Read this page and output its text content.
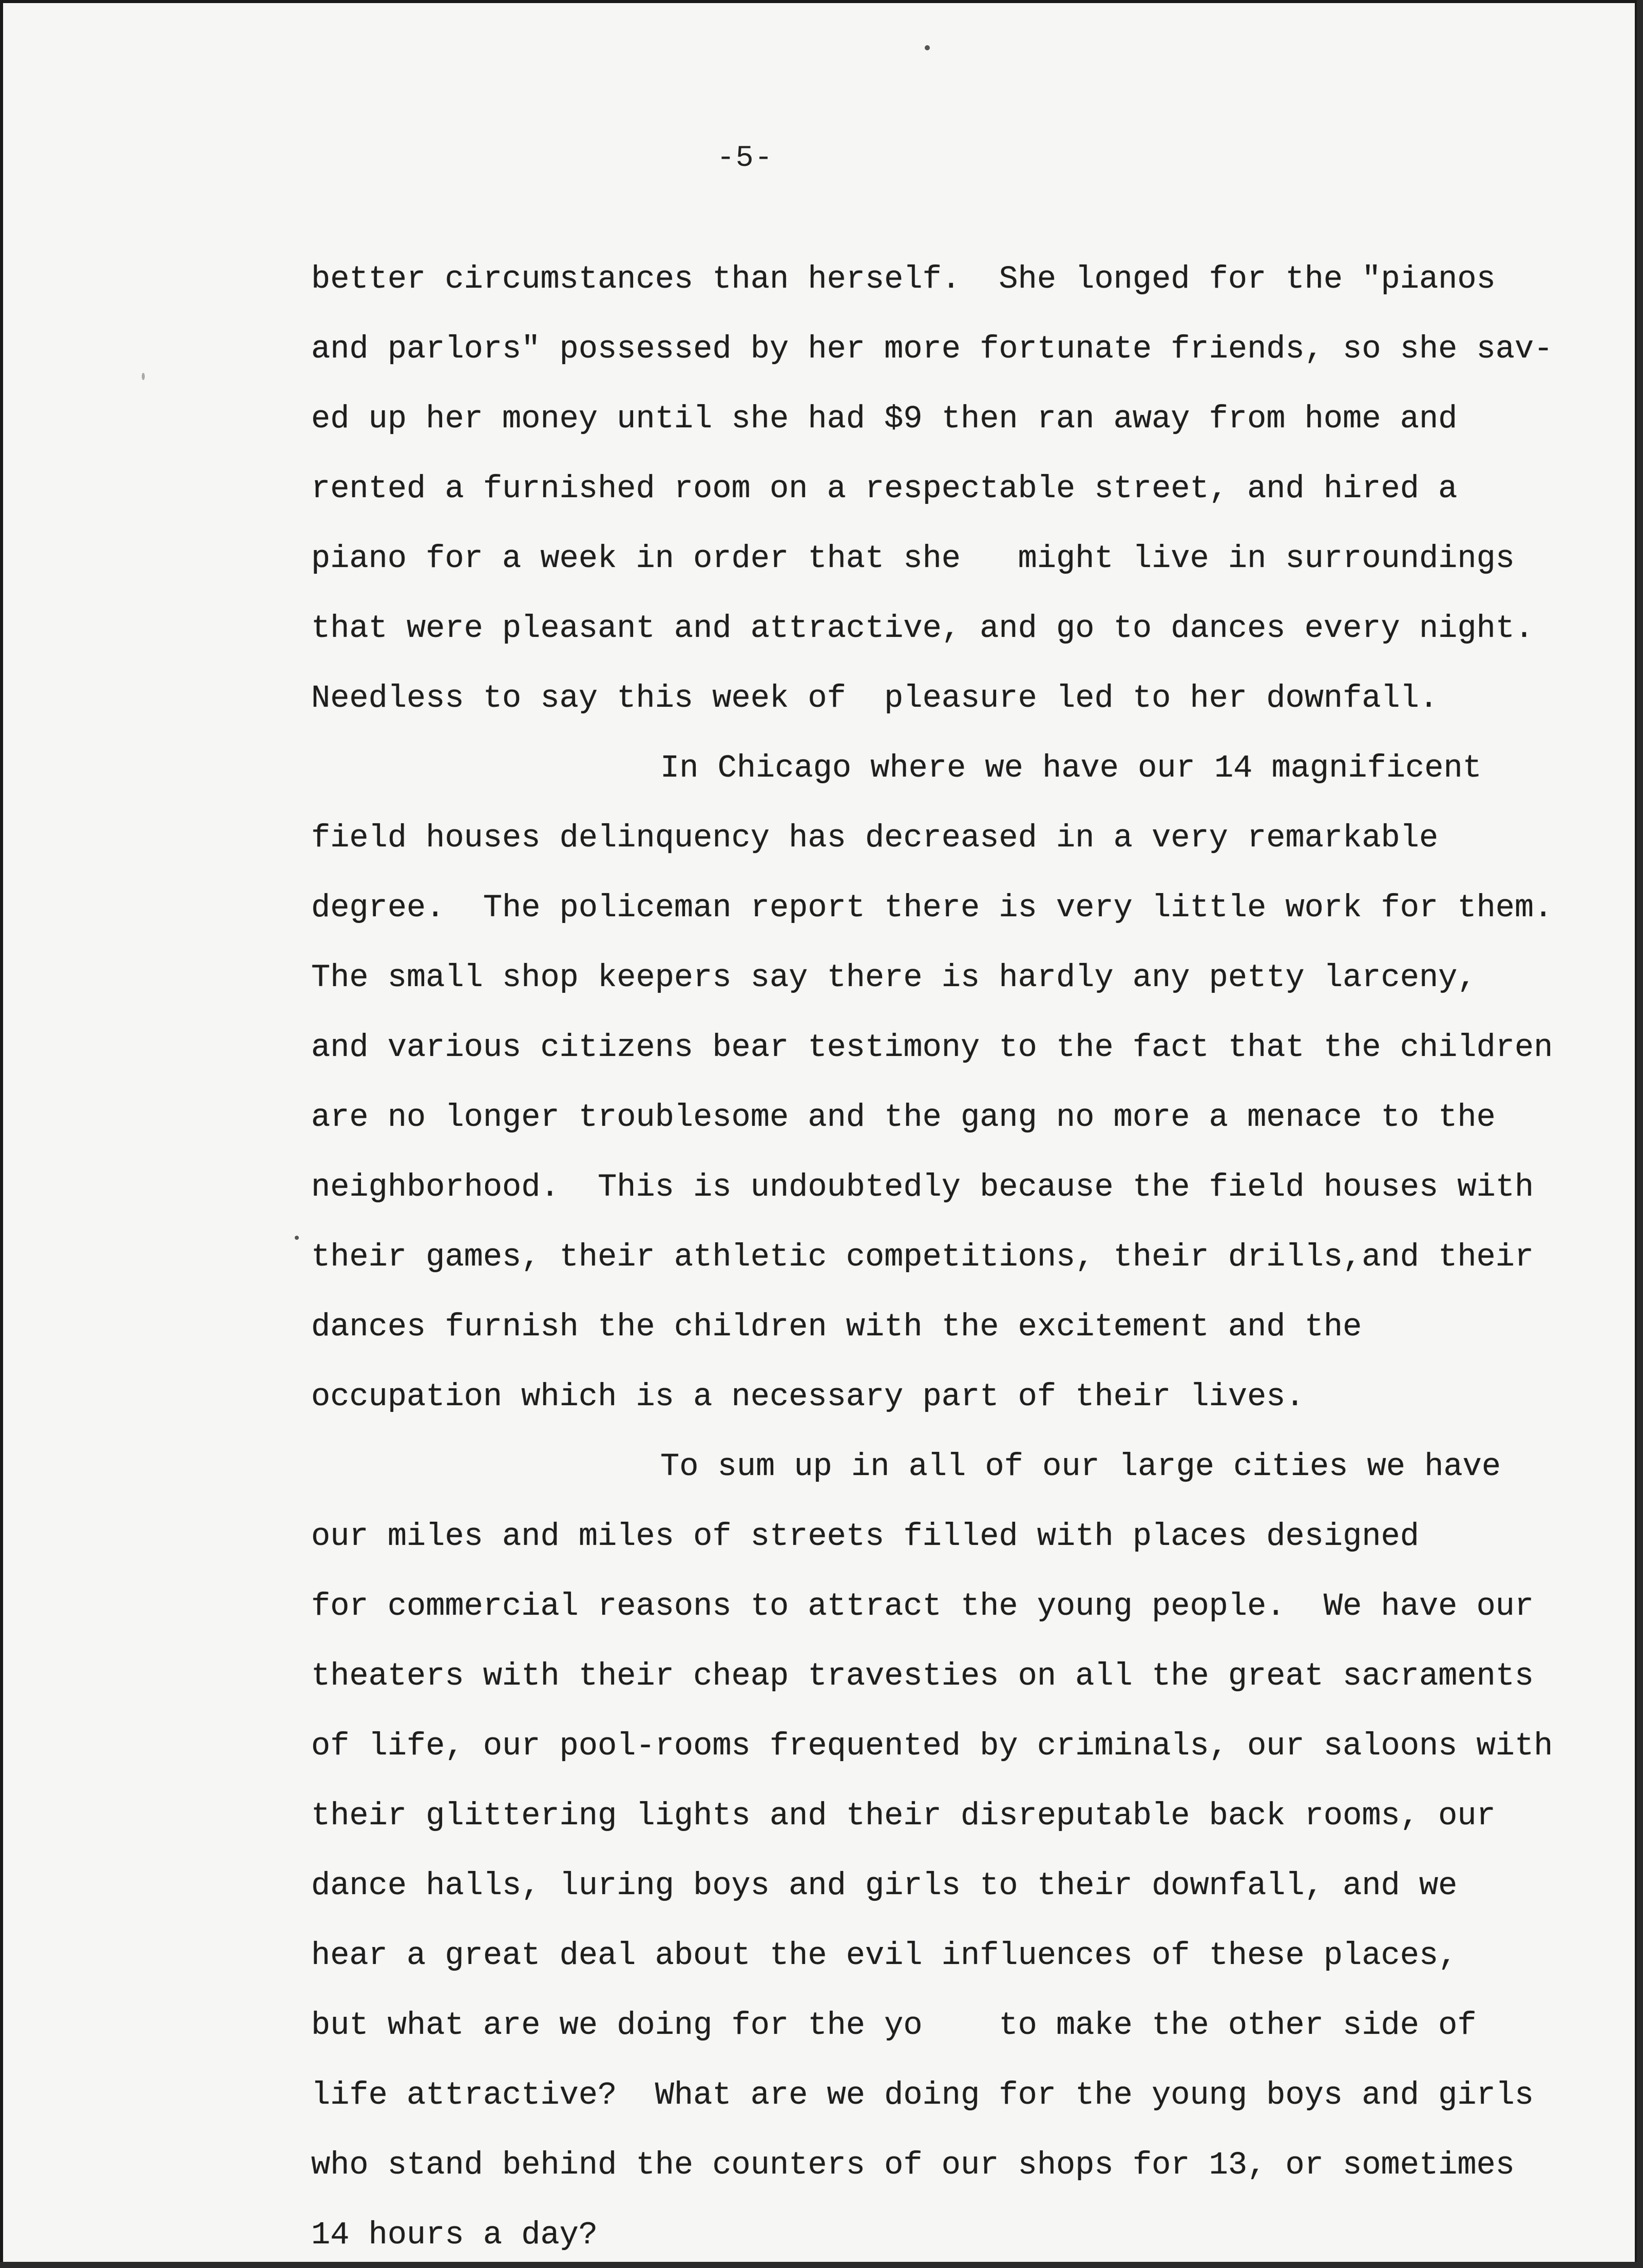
-5-
better circumstances than herself.  She longed for the "pianos
and parlors" possessed by her more fortunate friends, so she sav-
ed up her money until she had $9 then ran away from home and
rented a furnished room on a respectable street, and hired a
piano for a week in order that she   might live in surroundings
that were pleasant and attractive, and go to dances every night.
Needless to say this week of  pleasure led to her downfall.
In Chicago where we have our 14 magnificent
field houses delinquency has decreased in a very remarkable
degree.  The policeman report there is very little work for them.
The small shop keepers say there is hardly any petty larceny,
and various citizens bear testimony to the fact that the children
are no longer troublesome and the gang no more a menace to the
neighborhood.  This is undoubtedly because the field houses with
their games, their athletic competitions, their drills,and their
dances furnish the children with the excitement and the
occupation which is a necessary part of their lives.
To sum up in all of our large cities we have
our miles and miles of streets filled with places designed
for commercial reasons to attract the young people.  We have our
theaters with their cheap travesties on all the great sacraments
of life, our pool-rooms frequented by criminals, our saloons with
their glittering lights and their disreputable back rooms, our
dance halls, luring boys and girls to their downfall, and we
hear a great deal about the evil influences of these places,
but what are we doing for the yo    to make the other side of
life attractive?  What are we doing for the young boys and girls
who stand behind the counters of our shops for 13, or sometimes
14 hours a day?
